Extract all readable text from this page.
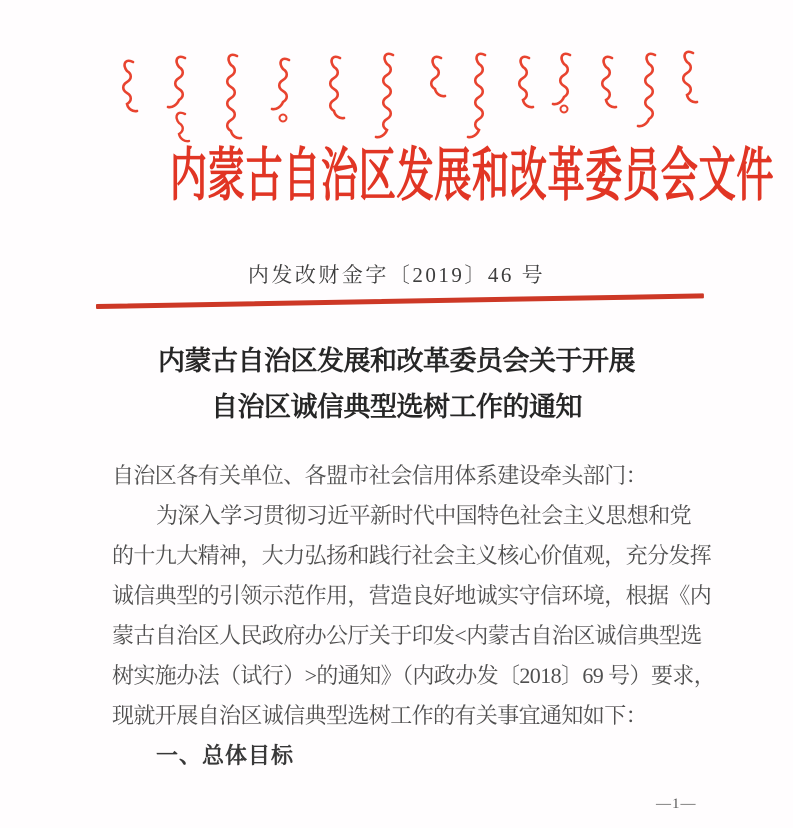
内蒙古自治区发展和改革委员会文件
内发改财金字〔2019〕46 号
内蒙古自治区发展和改革委员会关于开展
自治区诚信典型选树工作的通知
自治区各有关单位、各盟市社会信用体系建设牵头部门：
为深入学习贯彻习近平新时代中国特色社会主义思想和党
的十九大精神，大力弘扬和践行社会主义核心价值观，充分发挥
诚信典型的引领示范作用，营造良好地诚实守信环境，根据《内
蒙古自治区人民政府办公厅关于印发<内蒙古自治区诚信典型选
树实施办法（试行）>的通知》（内政办发〔2018〕69 号）要求，
现就开展自治区诚信典型选树工作的有关事宜通知如下：
一、总体目标
—1—
